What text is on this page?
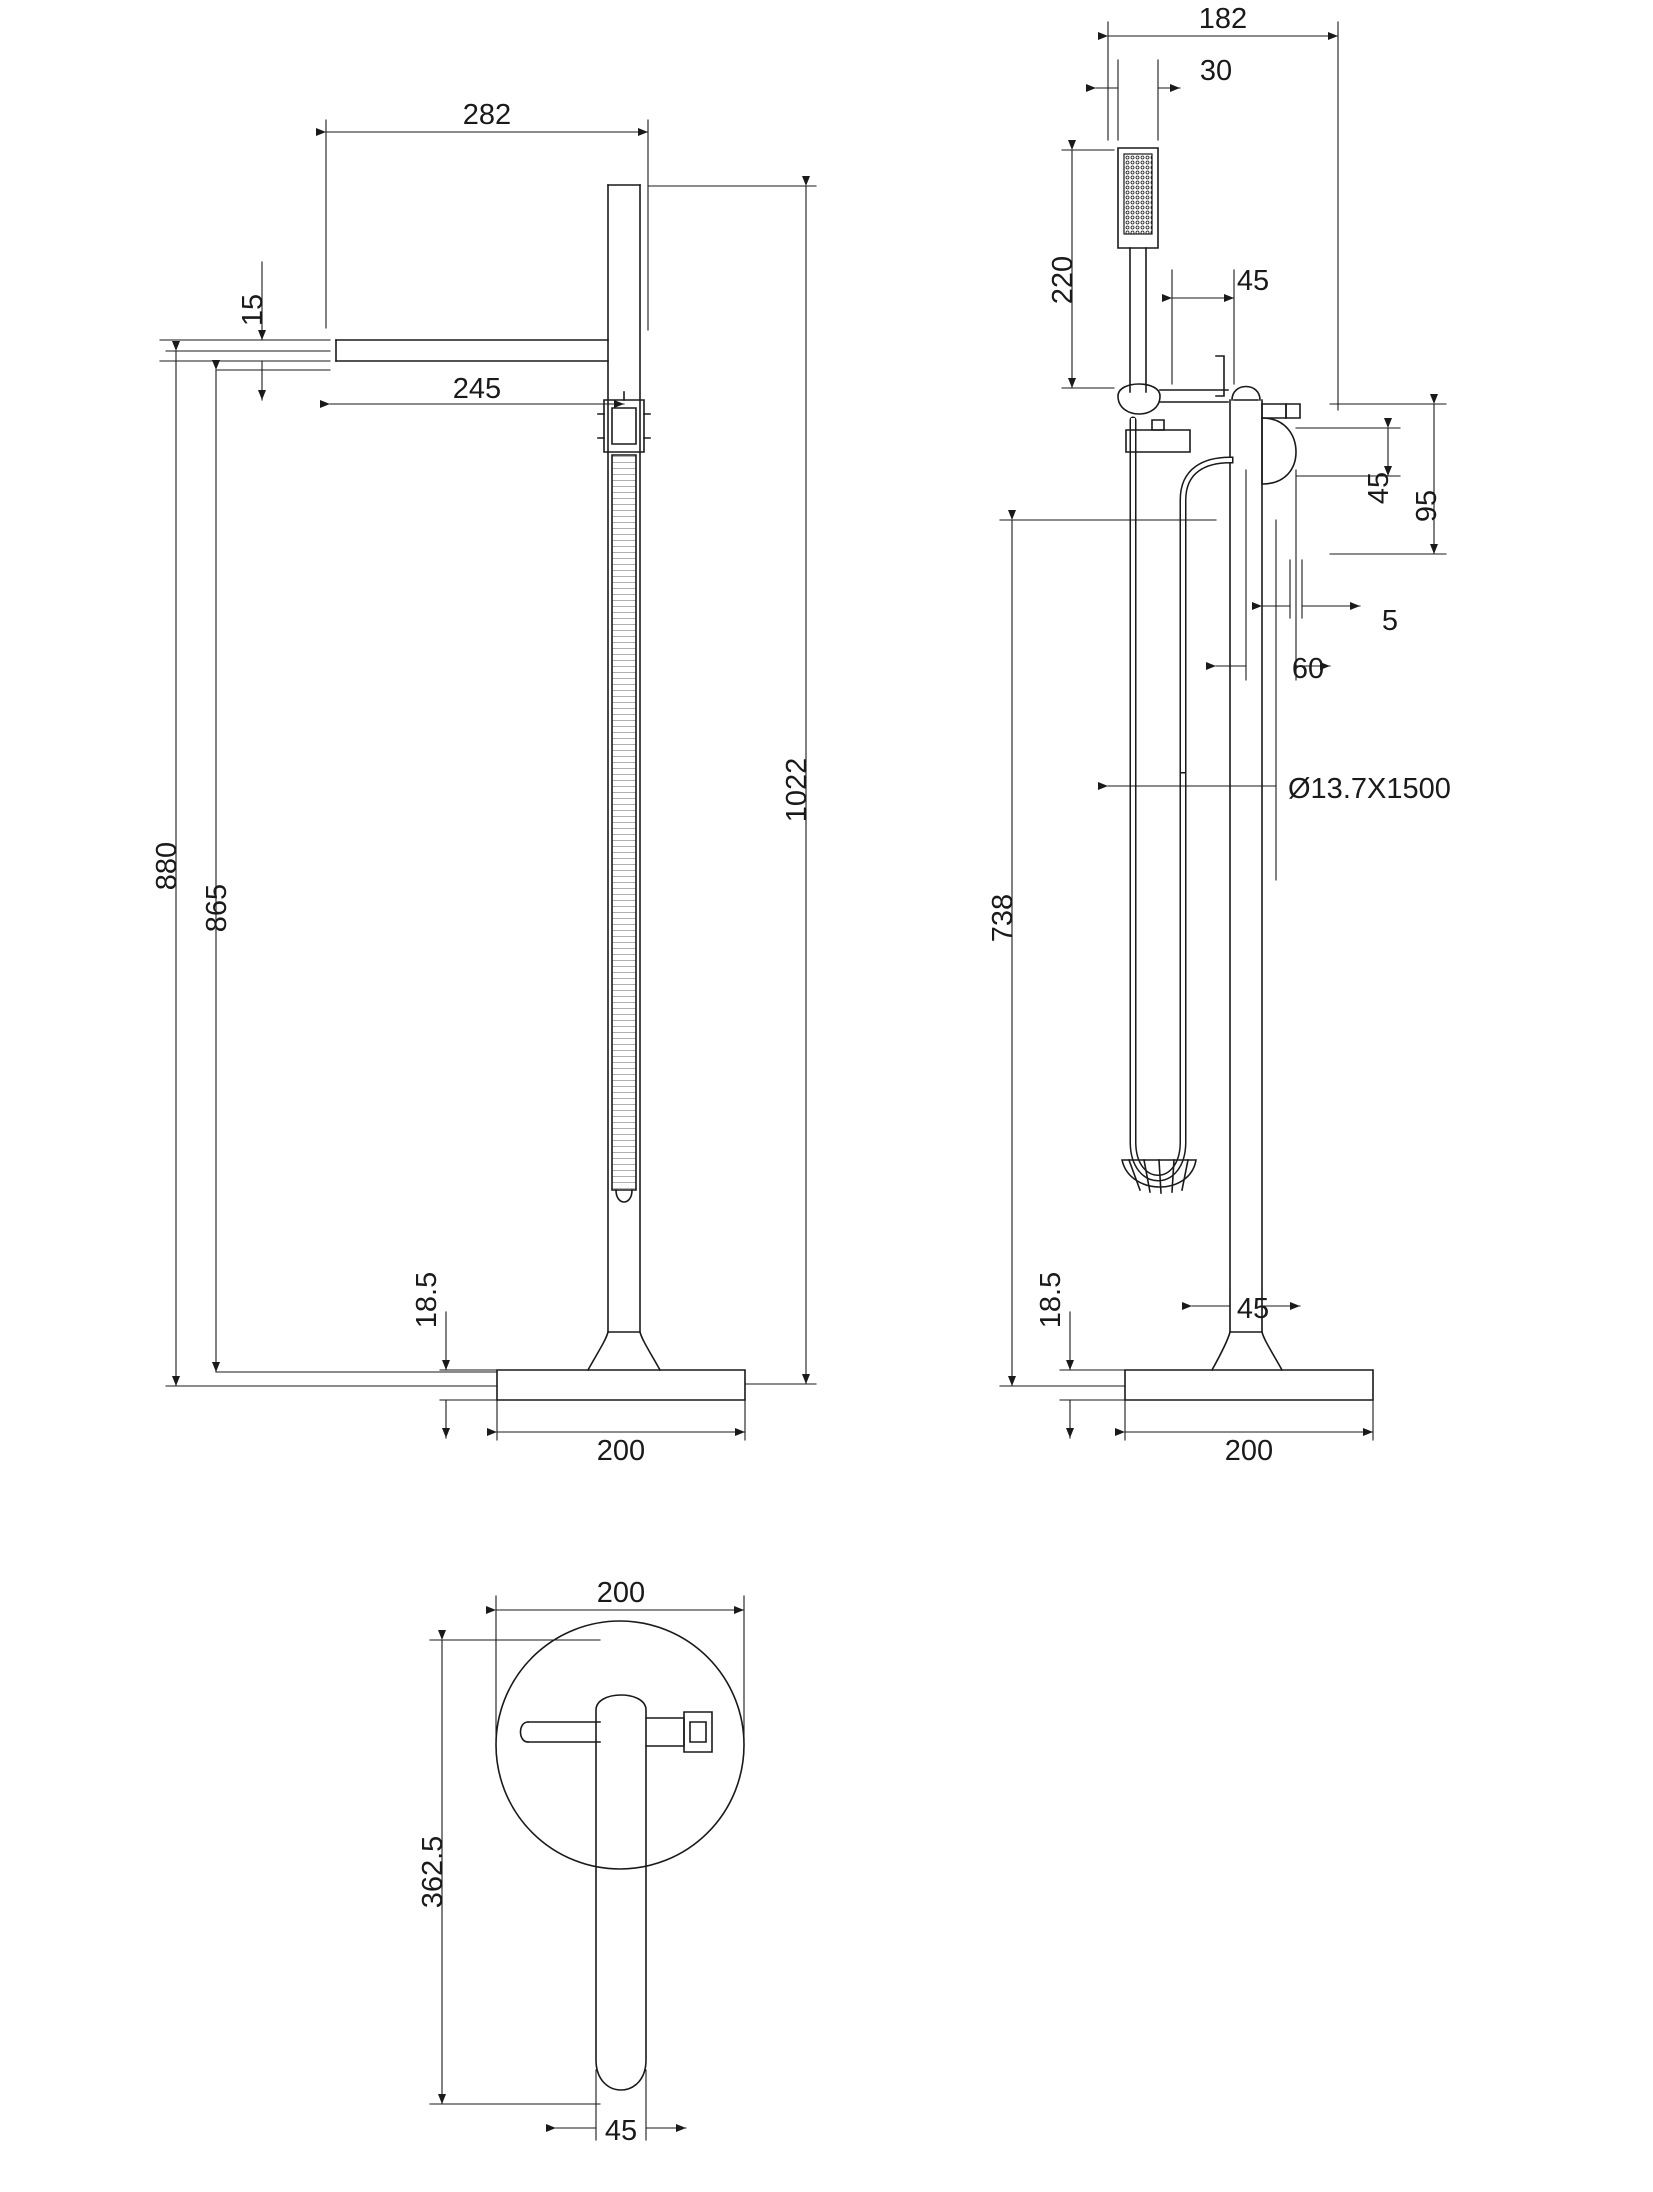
282
15
245
1022
880
865
18.5
200
182
30
220	45
45
95
5
60
Ø13.7X1500
738
18.5	45
200
200
362.5
45
